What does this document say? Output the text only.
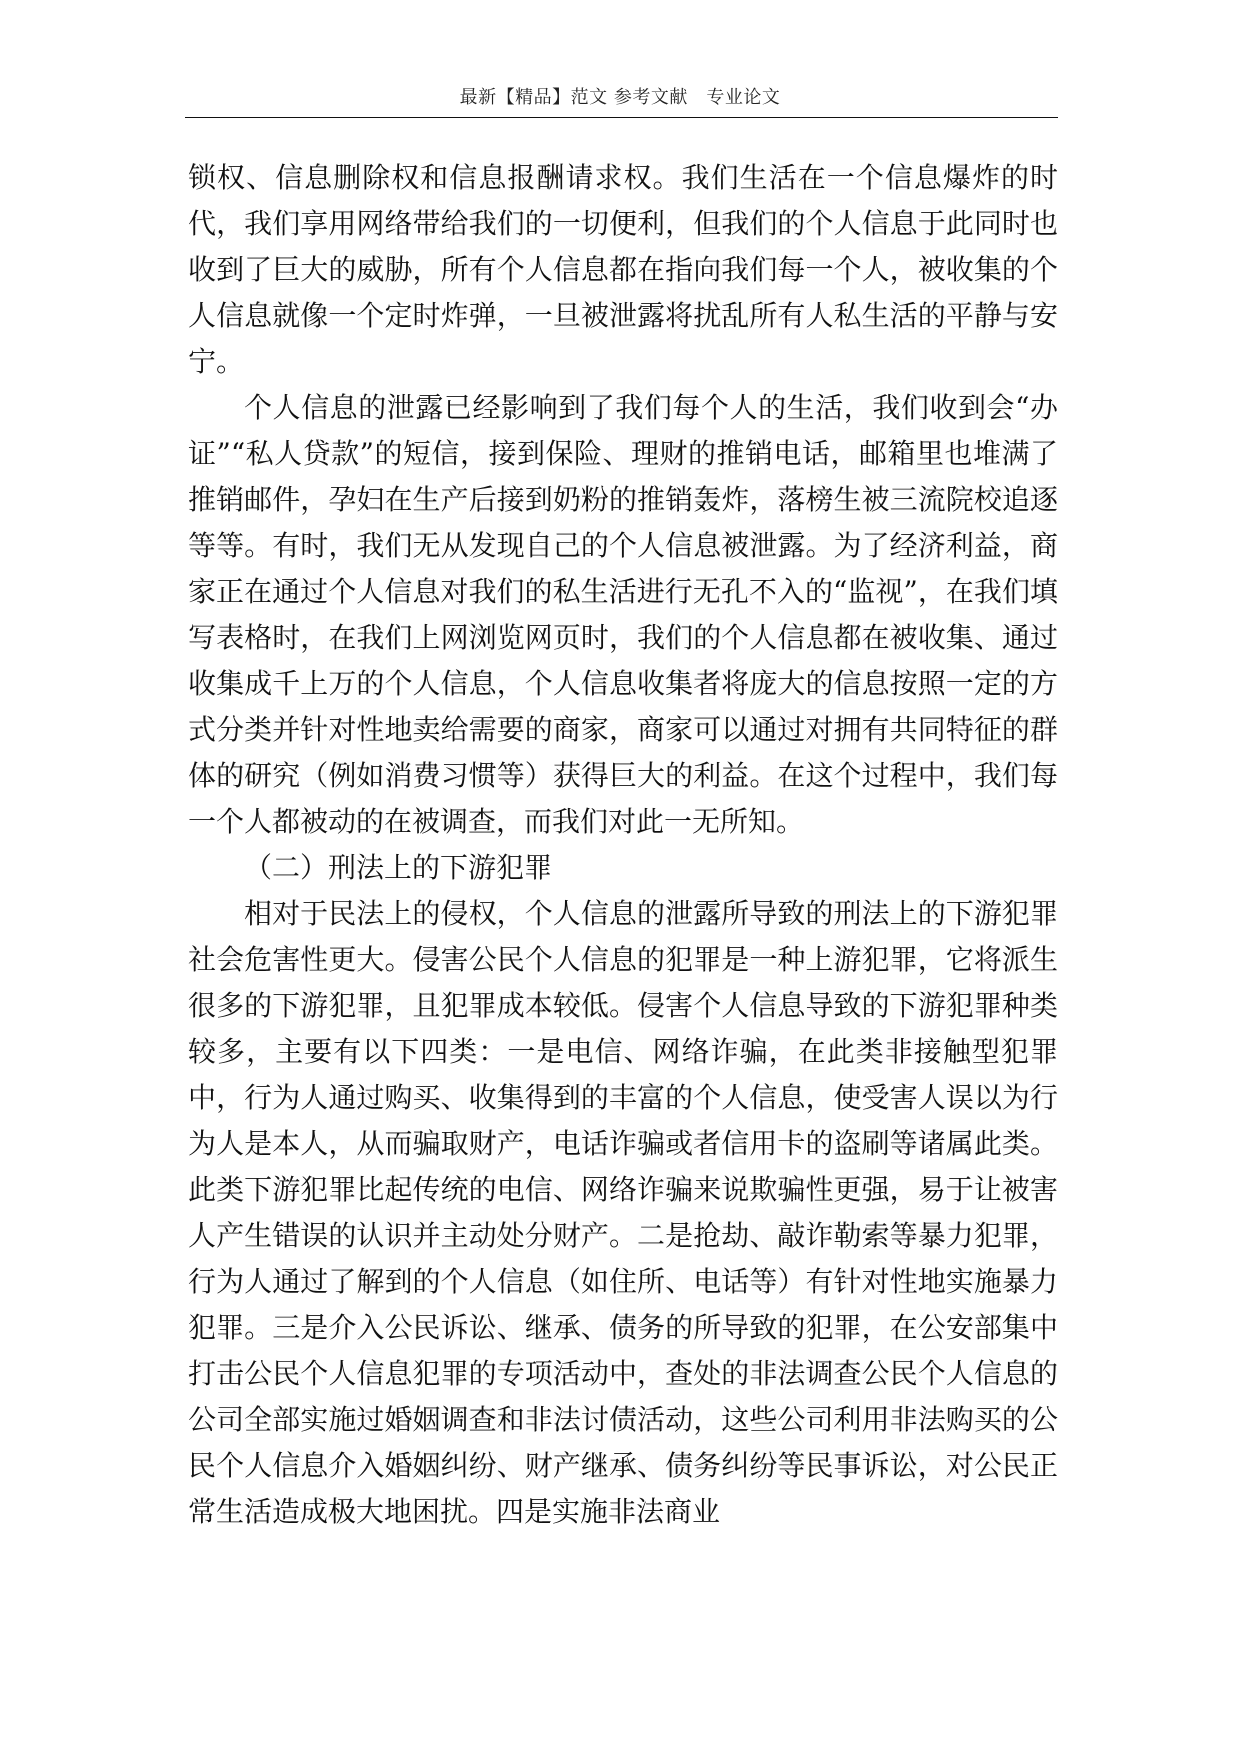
最新【精品】范文 参考文献　专业论文

锁权、信息删除权和信息报酬请求权。我们生活在一个信息爆炸的时代，我们享用网络带给我们的一切便利，但我们的个人信息于此同时也收到了巨大的威胁，所有个人信息都在指向我们每一个人，被收集的个人信息就像一个定时炸弹，一旦被泄露将扰乱所有人私生活的平静与安宁。

个人信息的泄露已经影响到了我们每个人的生活，我们收到会“办证”“私人贷款”的短信，接到保险、理财的推销电话，邮箱里也堆满了推销邮件，孕妇在生产后接到奶粉的推销轰炸，落榜生被三流院校追逐等等。有时，我们无从发现自己的个人信息被泄露。为了经济利益，商家正在通过个人信息对我们的私生活进行无孔不入的“监视”，在我们填写表格时，在我们上网浏览网页时，我们的个人信息都在被收集、通过收集成千上万的个人信息，个人信息收集者将庞大的信息按照一定的方式分类并针对性地卖给需要的商家，商家可以通过对拥有共同特征的群体的研究（例如消费习惯等）获得巨大的利益。在这个过程中，我们每一个人都被动的在被调查，而我们对此一无所知。

（二）刑法上的下游犯罪

相对于民法上的侵权，个人信息的泄露所导致的刑法上的下游犯罪社会危害性更大。侵害公民个人信息的犯罪是一种上游犯罪，它将派生很多的下游犯罪，且犯罪成本较低。侵害个人信息导致的下游犯罪种类较多，主要有以下四类：一是电信、网络诈骗，在此类非接触型犯罪中，行为人通过购买、收集得到的丰富的个人信息，使受害人误以为行为人是本人，从而骗取财产，电话诈骗或者信用卡的盗刷等诸属此类。此类下游犯罪比起传统的电信、网络诈骗来说欺骗性更强，易于让被害人产生错误的认识并主动处分财产。二是抢劫、敲诈勒索等暴力犯罪，行为人通过了解到的个人信息（如住所、电话等）有针对性地实施暴力犯罪。三是介入公民诉讼、继承、债务的所导致的犯罪，在公安部集中打击公民个人信息犯罪的专项活动中，查处的非法调查公民个人信息的公司全部实施过婚姻调查和非法讨债活动，这些公司利用非法购买的公民个人信息介入婚姻纠纷、财产继承、债务纠纷等民事诉讼，对公民正常生活造成极大地困扰。四是实施非法商业
